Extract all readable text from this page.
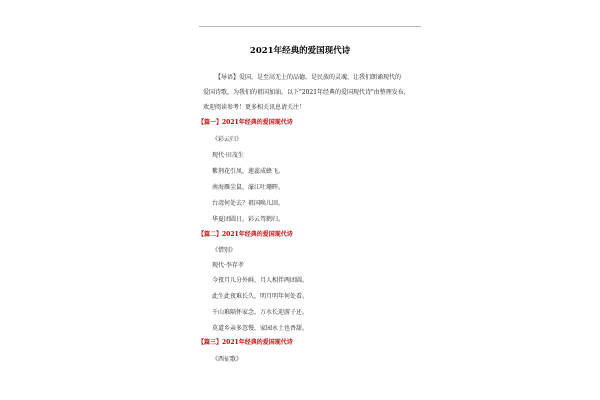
2021年经典的爱国现代诗
【导语】爱国，是至高无上的品德，是民族的灵魂，让我们朗诵现代的
爱国诗歌，为我们的祖国加油。以下"2021年经典的爱国现代诗"由整理发布，
欢迎阅读参考！更多相关讯息请关注！

【篇一】2021年经典的爱国现代诗

《彩云归》

现代·田茂生

紫荆花引凤，莲蕊成蜂飞。

南海雁尘鼠，濠江吐珊晖。

台湾何处去？祖国唤儿回。

华夏团圆日，彩云驾鹤归。

【篇二】2021年经典的爱国现代诗

《惜别》

现代·李存孝

今夜月儿分外鲜，月人相伴两团圆。

此生此夜难长久，明月明年何处看。

千山难隔怀家念，万水长迎游子还。

莫道乡亲多忽慢，家园永土也香甜。

【篇三】2021年经典的爱国现代诗

《西征歌》
